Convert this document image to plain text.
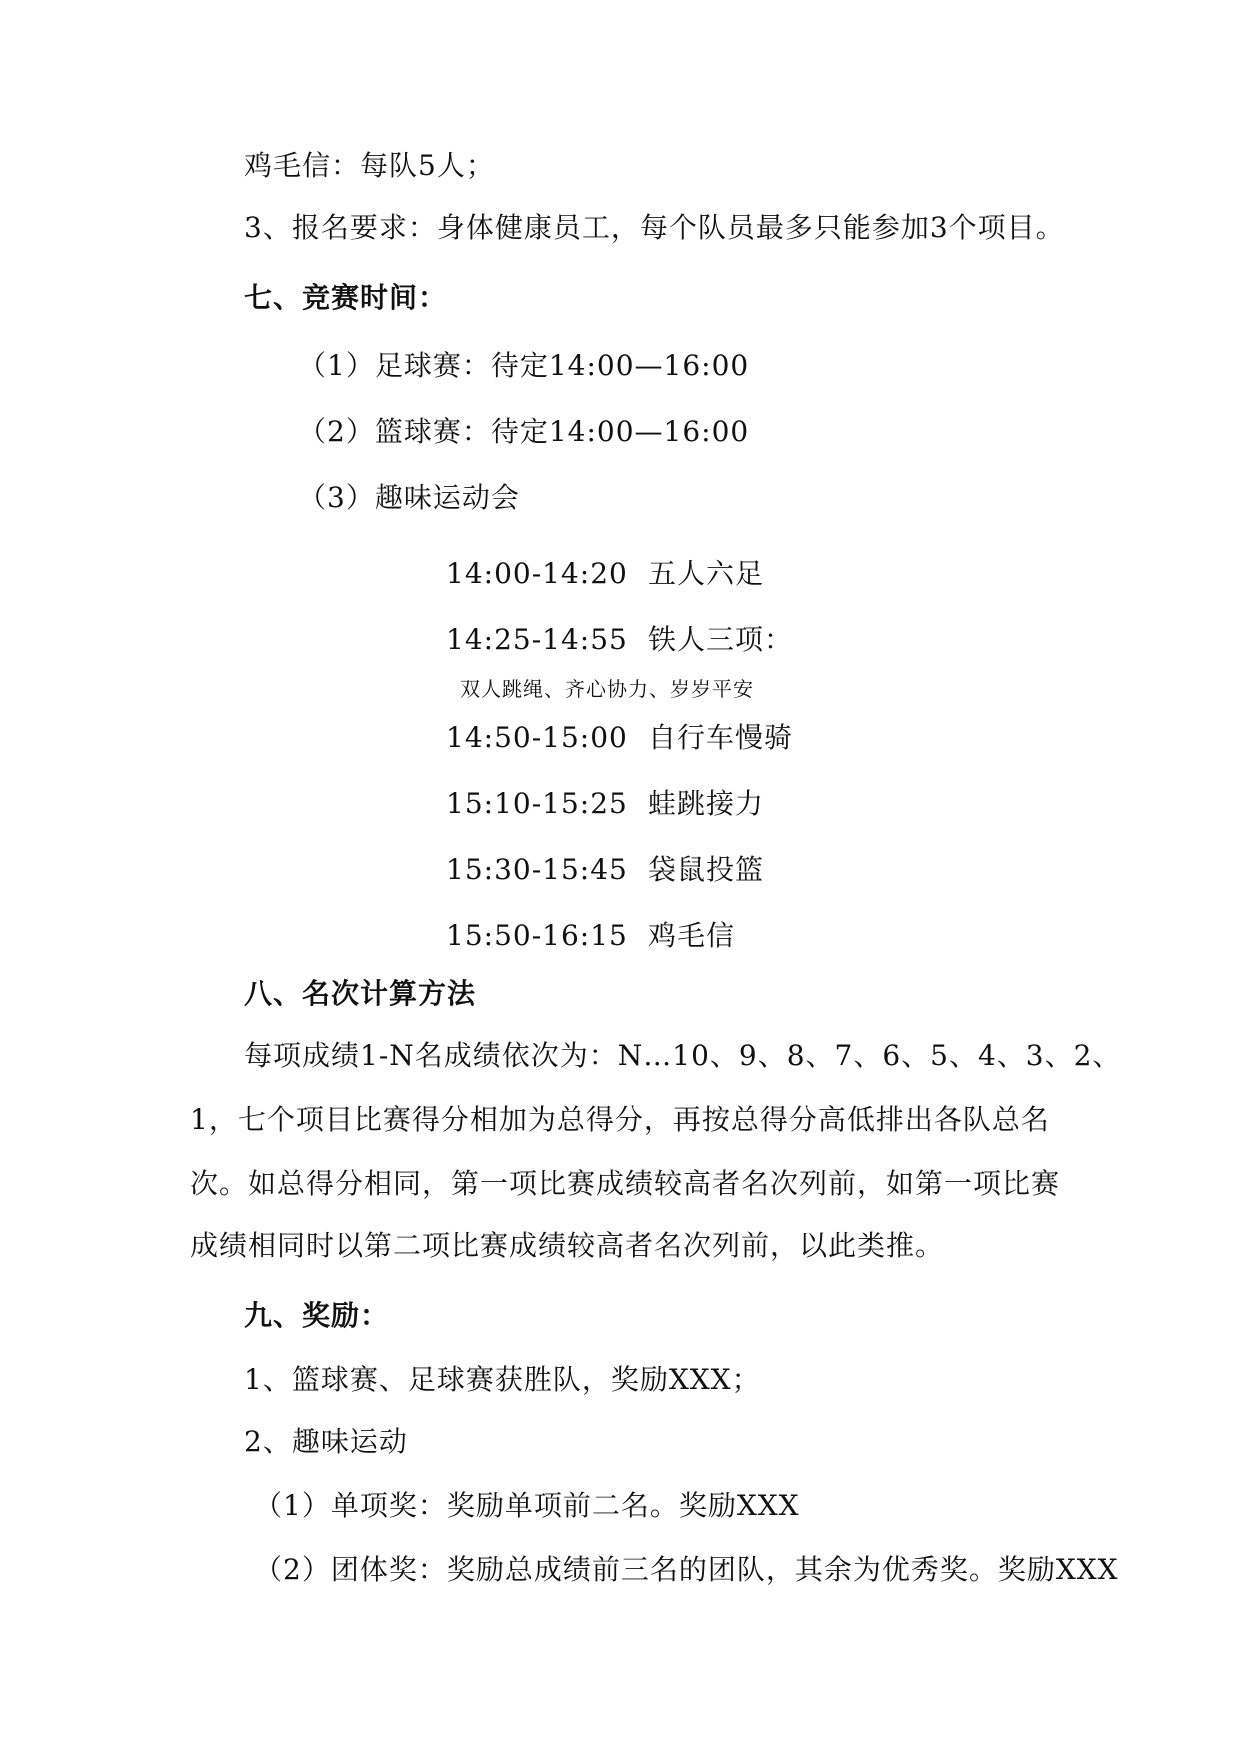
鸡毛信：每队5人；
3、报名要求：身体健康员工，每个队员最多只能参加3个项目。
七、竞赛时间：
（1）足球赛：待定14:00—16:00
（2）篮球赛：待定14:00—16:00
（3）趣味运动会
14:00-14:20 五人六足
14:25-14:55 铁人三项：
双人跳绳、齐心协力、岁岁平安
14:50-15:00 自行车慢骑
15:10-15:25 蛙跳接力
15:30-15:45 袋鼠投篮
15:50-16:15 鸡毛信
八、名次计算方法
每项成绩1-N名成绩依次为：N…10、9、8、7、6、5、4、3、2、
1，七个项目比赛得分相加为总得分，再按总得分高低排出各队总名
次。如总得分相同，第一项比赛成绩较高者名次列前，如第一项比赛
成绩相同时以第二项比赛成绩较高者名次列前，以此类推。
九、奖励：
1、篮球赛、足球赛获胜队，奖励XXX；
2、趣味运动
（1）单项奖：奖励单项前二名。奖励XXX
（2）团体奖：奖励总成绩前三名的团队，其余为优秀奖。奖励XXX
